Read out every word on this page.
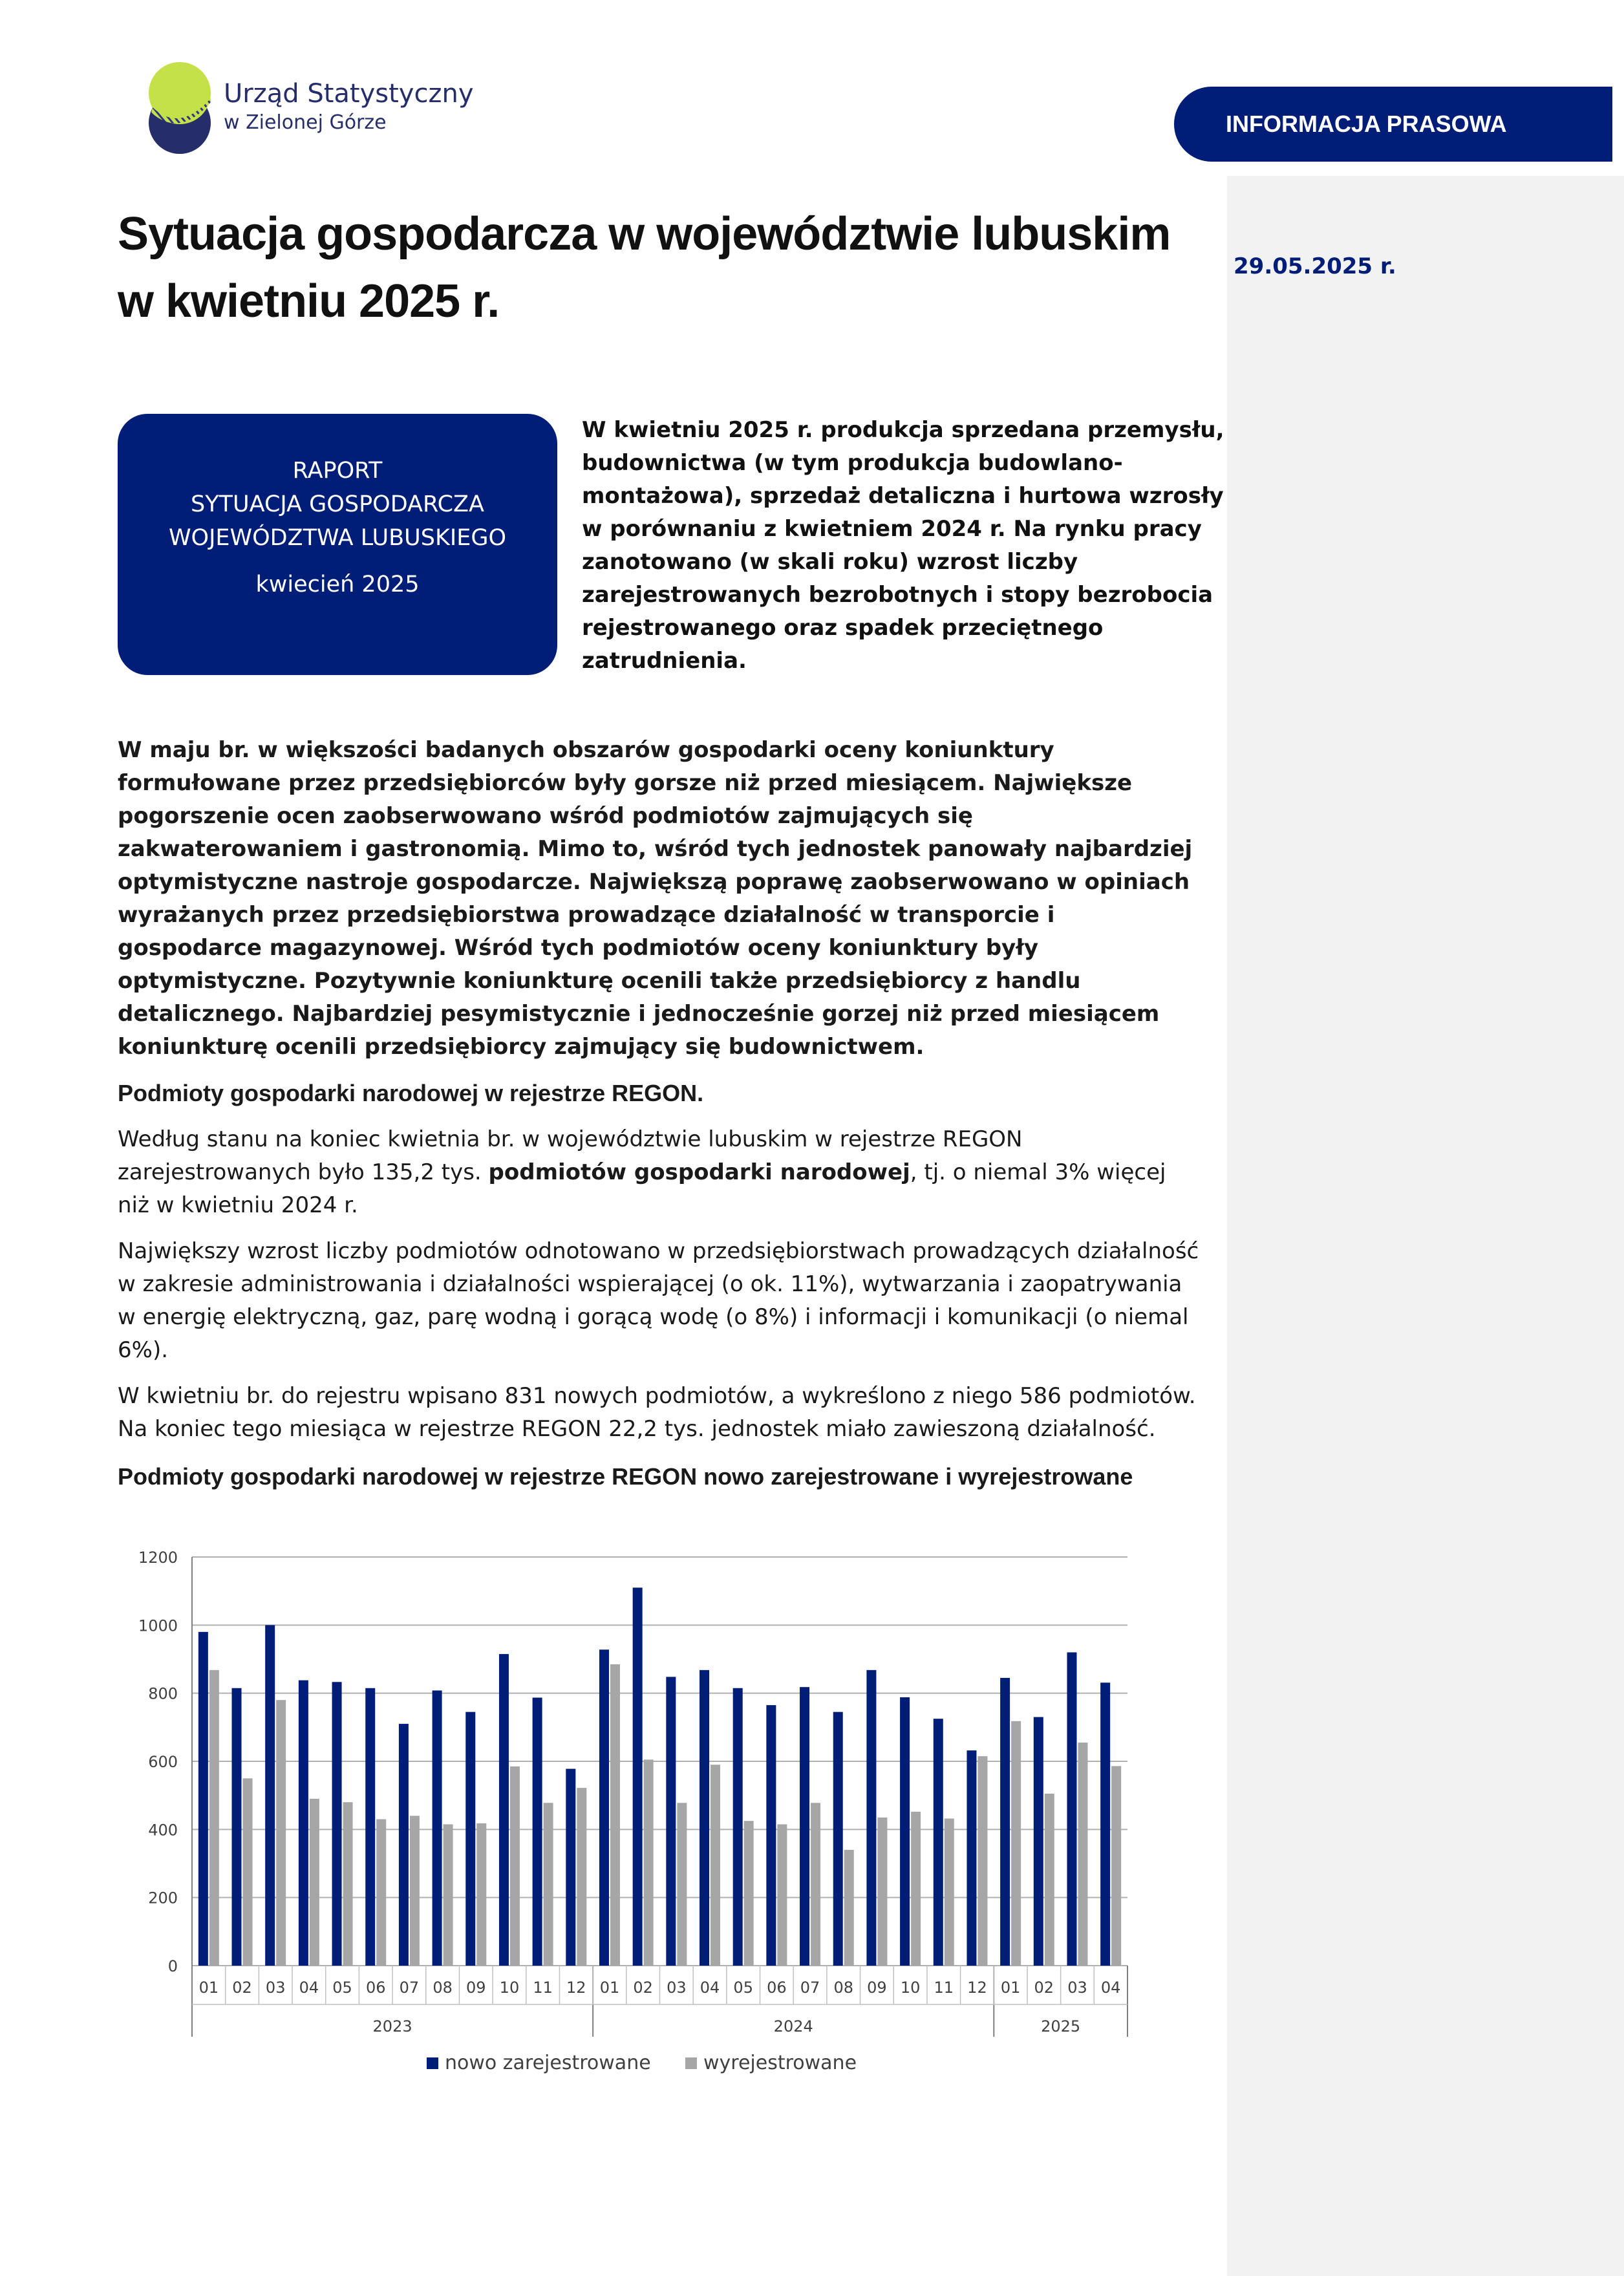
INFORMACJA PRASOWA
29.05.2025 r.
Urząd Statystyczny
w Zielonej Górze
Sytuacja gospodarcza w województwie lubuskim w kwietniu 2025 r.
RAPORT
SYTUACJA GOSPODARCZA
WOJEWÓDZTWA LUBUSKIEGO
kwiecień 2025
W kwietniu 2025 r. produkcja sprzedana przemysłu, budownictwa (w tym produkcja budowlano-montażowa), sprzedaż detaliczna i hurtowa wzrosły w porównaniu z kwietniem 2024 r. Na rynku pracy zanotowano (w skali roku) wzrost liczby zarejestrowanych bezrobotnych i stopy bezrobocia rejestrowanego oraz spadek przeciętnego zatrudnienia.

W maju br. w większości badanych obszarów gospodarki oceny koniunktury formułowane przez przedsiębiorców były gorsze niż przed miesiącem. Największe pogorszenie ocen zaobserwowano wśród podmiotów zajmujących się zakwaterowaniem i gastronomią. Mimo to, wśród tych jednostek panowały najbardziej optymistyczne nastroje gospodarcze. Największą poprawę zaobserwowano w opiniach wyrażanych przez przedsiębiorstwa prowadzące działalność w transporcie i gospodarce magazynowej. Wśród tych podmiotów oceny koniunktury były optymistyczne. Pozytywnie koniunkturę ocenili także przedsiębiorcy z handlu detalicznego. Najbardziej pesymistycznie i jednocześnie gorzej niż przed miesiącem koniunkturę ocenili przedsiębiorcy zajmujący się budownictwem.

Podmioty gospodarki narodowej w rejestrze REGON.

Według stanu na koniec kwietnia br. w województwie lubuskim w rejestrze REGON zarejestrowanych było 135,2 tys. podmiotów gospodarki narodowej, tj. o niemal 3% więcej niż w kwietniu 2024 r.

Największy wzrost liczby podmiotów odnotowano w przedsiębiorstwach prowadzących działalność w zakresie administrowania i działalności wspierającej (o ok. 11%), wytwarzania i zaopatrywania w energię elektryczną, gaz, parę wodną i gorącą wodę (o 8%) i informacji i komunikacji (o niemal 6%).

W kwietniu br. do rejestru wpisano 831 nowych podmiotów, a wykreślono z niego 586 podmiotów. Na koniec tego miesiąca w rejestrze REGON 22,2 tys. jednostek miało zawieszoną działalność.

Podmioty gospodarki narodowej w rejestrze REGON nowo zarejestrowane i wyrejestrowane
0
200
400
600
800
1000
1200
01 02 03 04 05 06 07 08 09 10 11 12 01 02 03 04 05 06 07 08 09 10 11 12 01 02 03 04
2023	2024	2025
nowo zarejestrowane	wyrejestrowane
